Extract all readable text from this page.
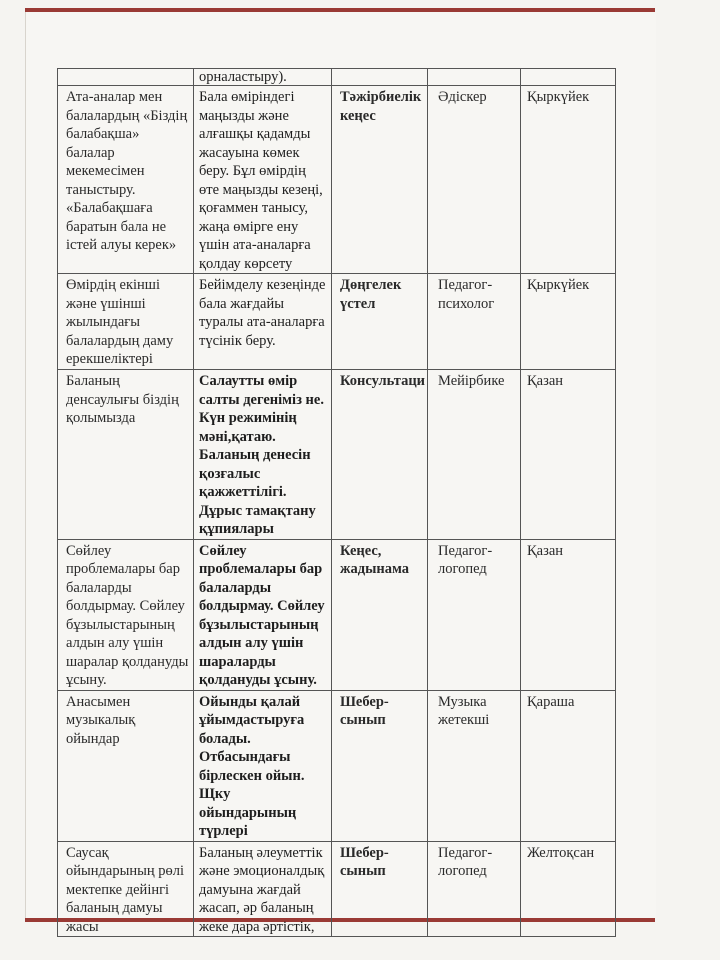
	орналастыру).			
Ата-аналар мен балалардың «Біздің балабақша» балалар мекемесімен таныстыру. «Балабақшаға баратын бала не істей алуы керек»	Бала өміріндегі маңызды және алғашқы қадамды жасауына көмек беру. Бұл өмірдің өте маңызды кезеңі, қоғаммен танысу, жаңа өмірге ену үшін ата-аналарға қолдау көрсету	Тәжірбиелік кеңес	Әдіскер	Қыркүйек
Өмірдің екінші және үшінші жылындағы балалардың даму ерекшеліктері	Бейімделу кезеңінде бала жағдайы туралы ата-аналарға түсінік беру.	Дөңгелек үстел	Педагог-психолог	Қыркүйек
Баланың денсаулығы біздің қолымызда	Салаутты өмір салты дегеніміз не. Күн режимінің мәні,қатаю. Баланың денесін қозғалыс қажжеттілігі. Дұрыс тамақтану құпиялары	Консультаци	Мейірбике	Қазан
Сөйлеу проблемалары бар балаларды болдырмау. Сөйлеу бұзылыстарының алдын алу үшін шаралар қолдануды ұсыну.	Сөйлеу проблемалары бар балаларды болдырмау. Сөйлеу бұзылыстарының алдын алу үшін шараларды қолдануды ұсыну.	Кеңес, жадынама	Педагог-логопед	Қазан
Анасымен музыкалық ойындар	Ойынды қалай ұйымдастыруға болады. Отбасындағы бірлескен ойын. Щку ойындарының түрлері	Шебер-сынып	Музыка жетекші	Қараша
Саусақ ойындарының рөлі мектепке дейінгі баланың дамуы жасы	Баланың әлеуметтік және эмоционалдық дамуына жағдай жасап, әр баланың жеке дара әртістік,	Шебер-сынып	Педагог-логопед	Желтоқсан
